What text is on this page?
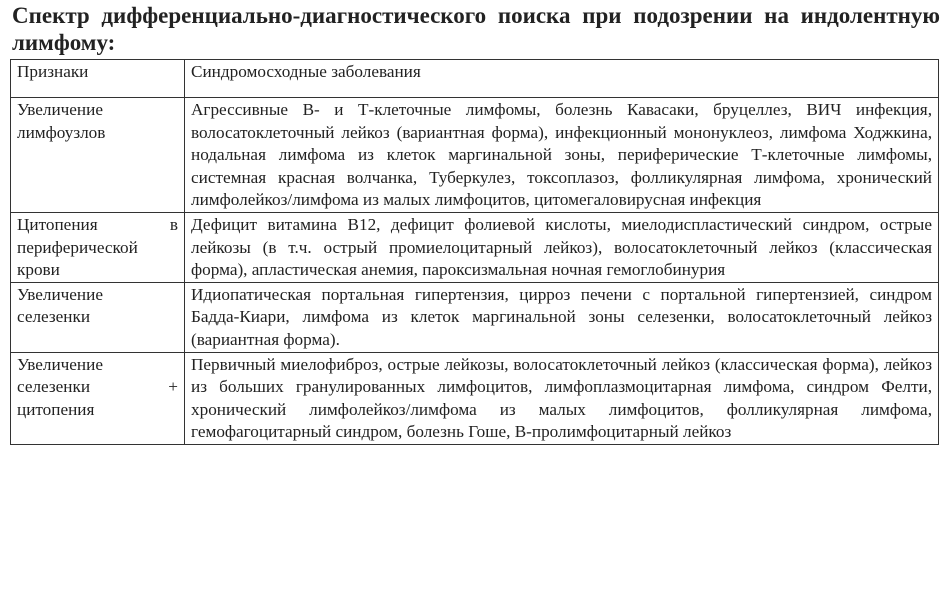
Спектр дифференциально-диагностического поиска при подозрении на индолентную лимфому:
Признаки	Синдромосходные заболевания
Увеличение лимфоузлов	Агрессивные В- и Т-клеточные лимфомы, болезнь Кавасаки, бруцеллез, ВИЧ инфекция, волосатоклеточный лейкоз (вариантная форма), инфекционный мононуклеоз, лимфома Ходжкина, нодальная лимфома из клеток маргинальной зоны, периферические Т-клеточные лимфомы, системная красная волчанка, Туберкулез, токсоплазоз, фолликулярная лимфома, хронический лимфолейкоз/лимфома из малых лимфоцитов, цитомегаловирусная инфекция
Цитопения в периферической крови	Дефицит витамина В12, дефицит фолиевой кислоты, миелодиспластический синдром, острые лейкозы (в т.ч. острый промиелоцитарный лейкоз), волосатоклеточный лейкоз (классическая форма), апластическая анемия, пароксизмальная ночная гемоглобинурия
Увеличение селезенки	Идиопатическая портальная гипертензия, цирроз печени с портальной гипертензией, синдром Бадда-Киари, лимфома из клеток маргинальной зоны селезенки, волосатоклеточный лейкоз (вариантная форма).
Увеличение селезенки + цитопения	Первичный миелофиброз, острые лейкозы, волосатоклеточный лейкоз (классическая форма), лейкоз из больших гранулированных лимфоцитов, лимфоплазмоцитарная лимфома, синдром Фелти, хронический лимфолейкоз/лимфома из малых лимфоцитов, фолликулярная лимфома, гемофагоцитарный синдром, болезнь Гоше, В-пролимфоцитарный лейкоз
